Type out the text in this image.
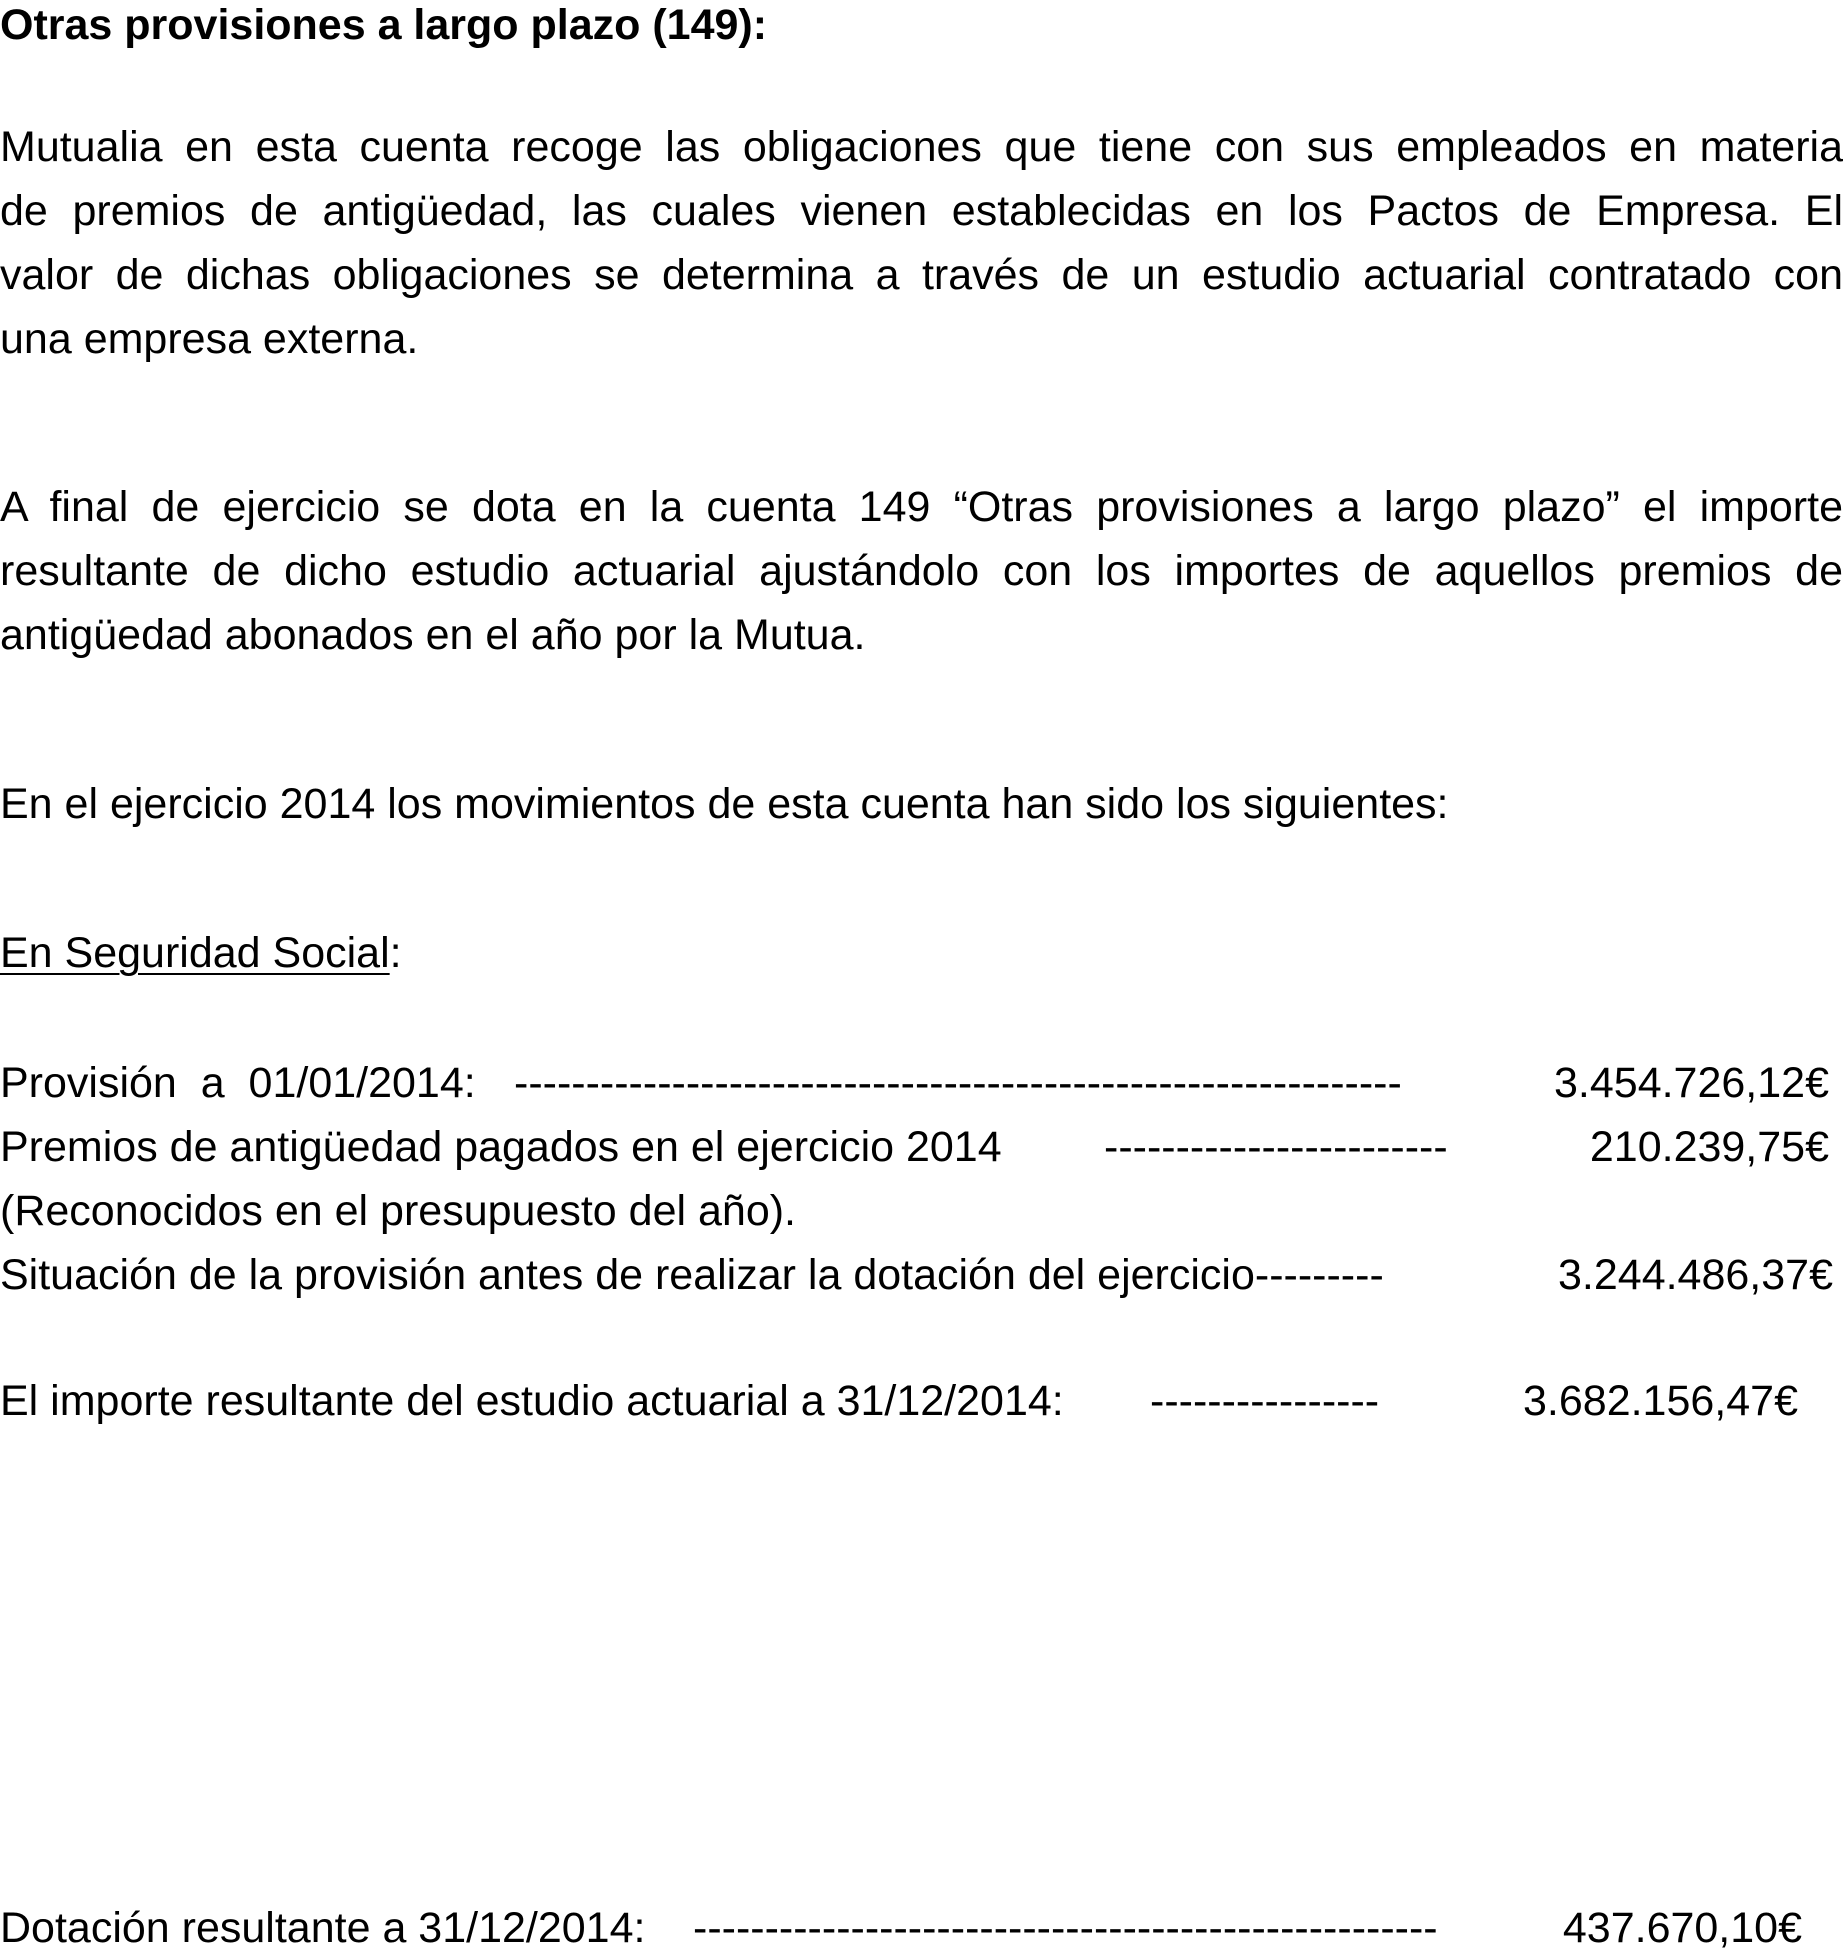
Otras provisiones a largo plazo (149):
Mutualia en esta cuenta recoge las obligaciones que tiene con sus empleados en materia
de premios de antigüedad, las cuales vienen establecidas en los Pactos de Empresa. El
valor de dichas obligaciones se determina a través de un estudio actuarial contratado con
una empresa externa.
A final de ejercicio se dota en la cuenta 149 “Otras provisiones a largo plazo” el importe
resultante de dicho estudio actuarial ajustándolo con los importes de aquellos premios de
antigüedad abonados en el año por la Mutua.
En el ejercicio 2014 los movimientos de esta cuenta han sido los siguientes:
En Seguridad Social:
Provisión  a  01/01/2014: --------------------------------------------------------------	3.454.726,12€
Premios de antigüedad pagados en el ejercicio 2014 ------------------------	210.239,75€
(Reconocidos en el presupuesto del año).
Situación de la provisión antes de realizar la dotación del ejercicio---------	3.244.486,37€
El importe resultante del estudio actuarial a 31/12/2014: ----------------	3.682.156,47€
Dotación resultante a 31/12/2014: ----------------------------------------------------	437.670,10€
